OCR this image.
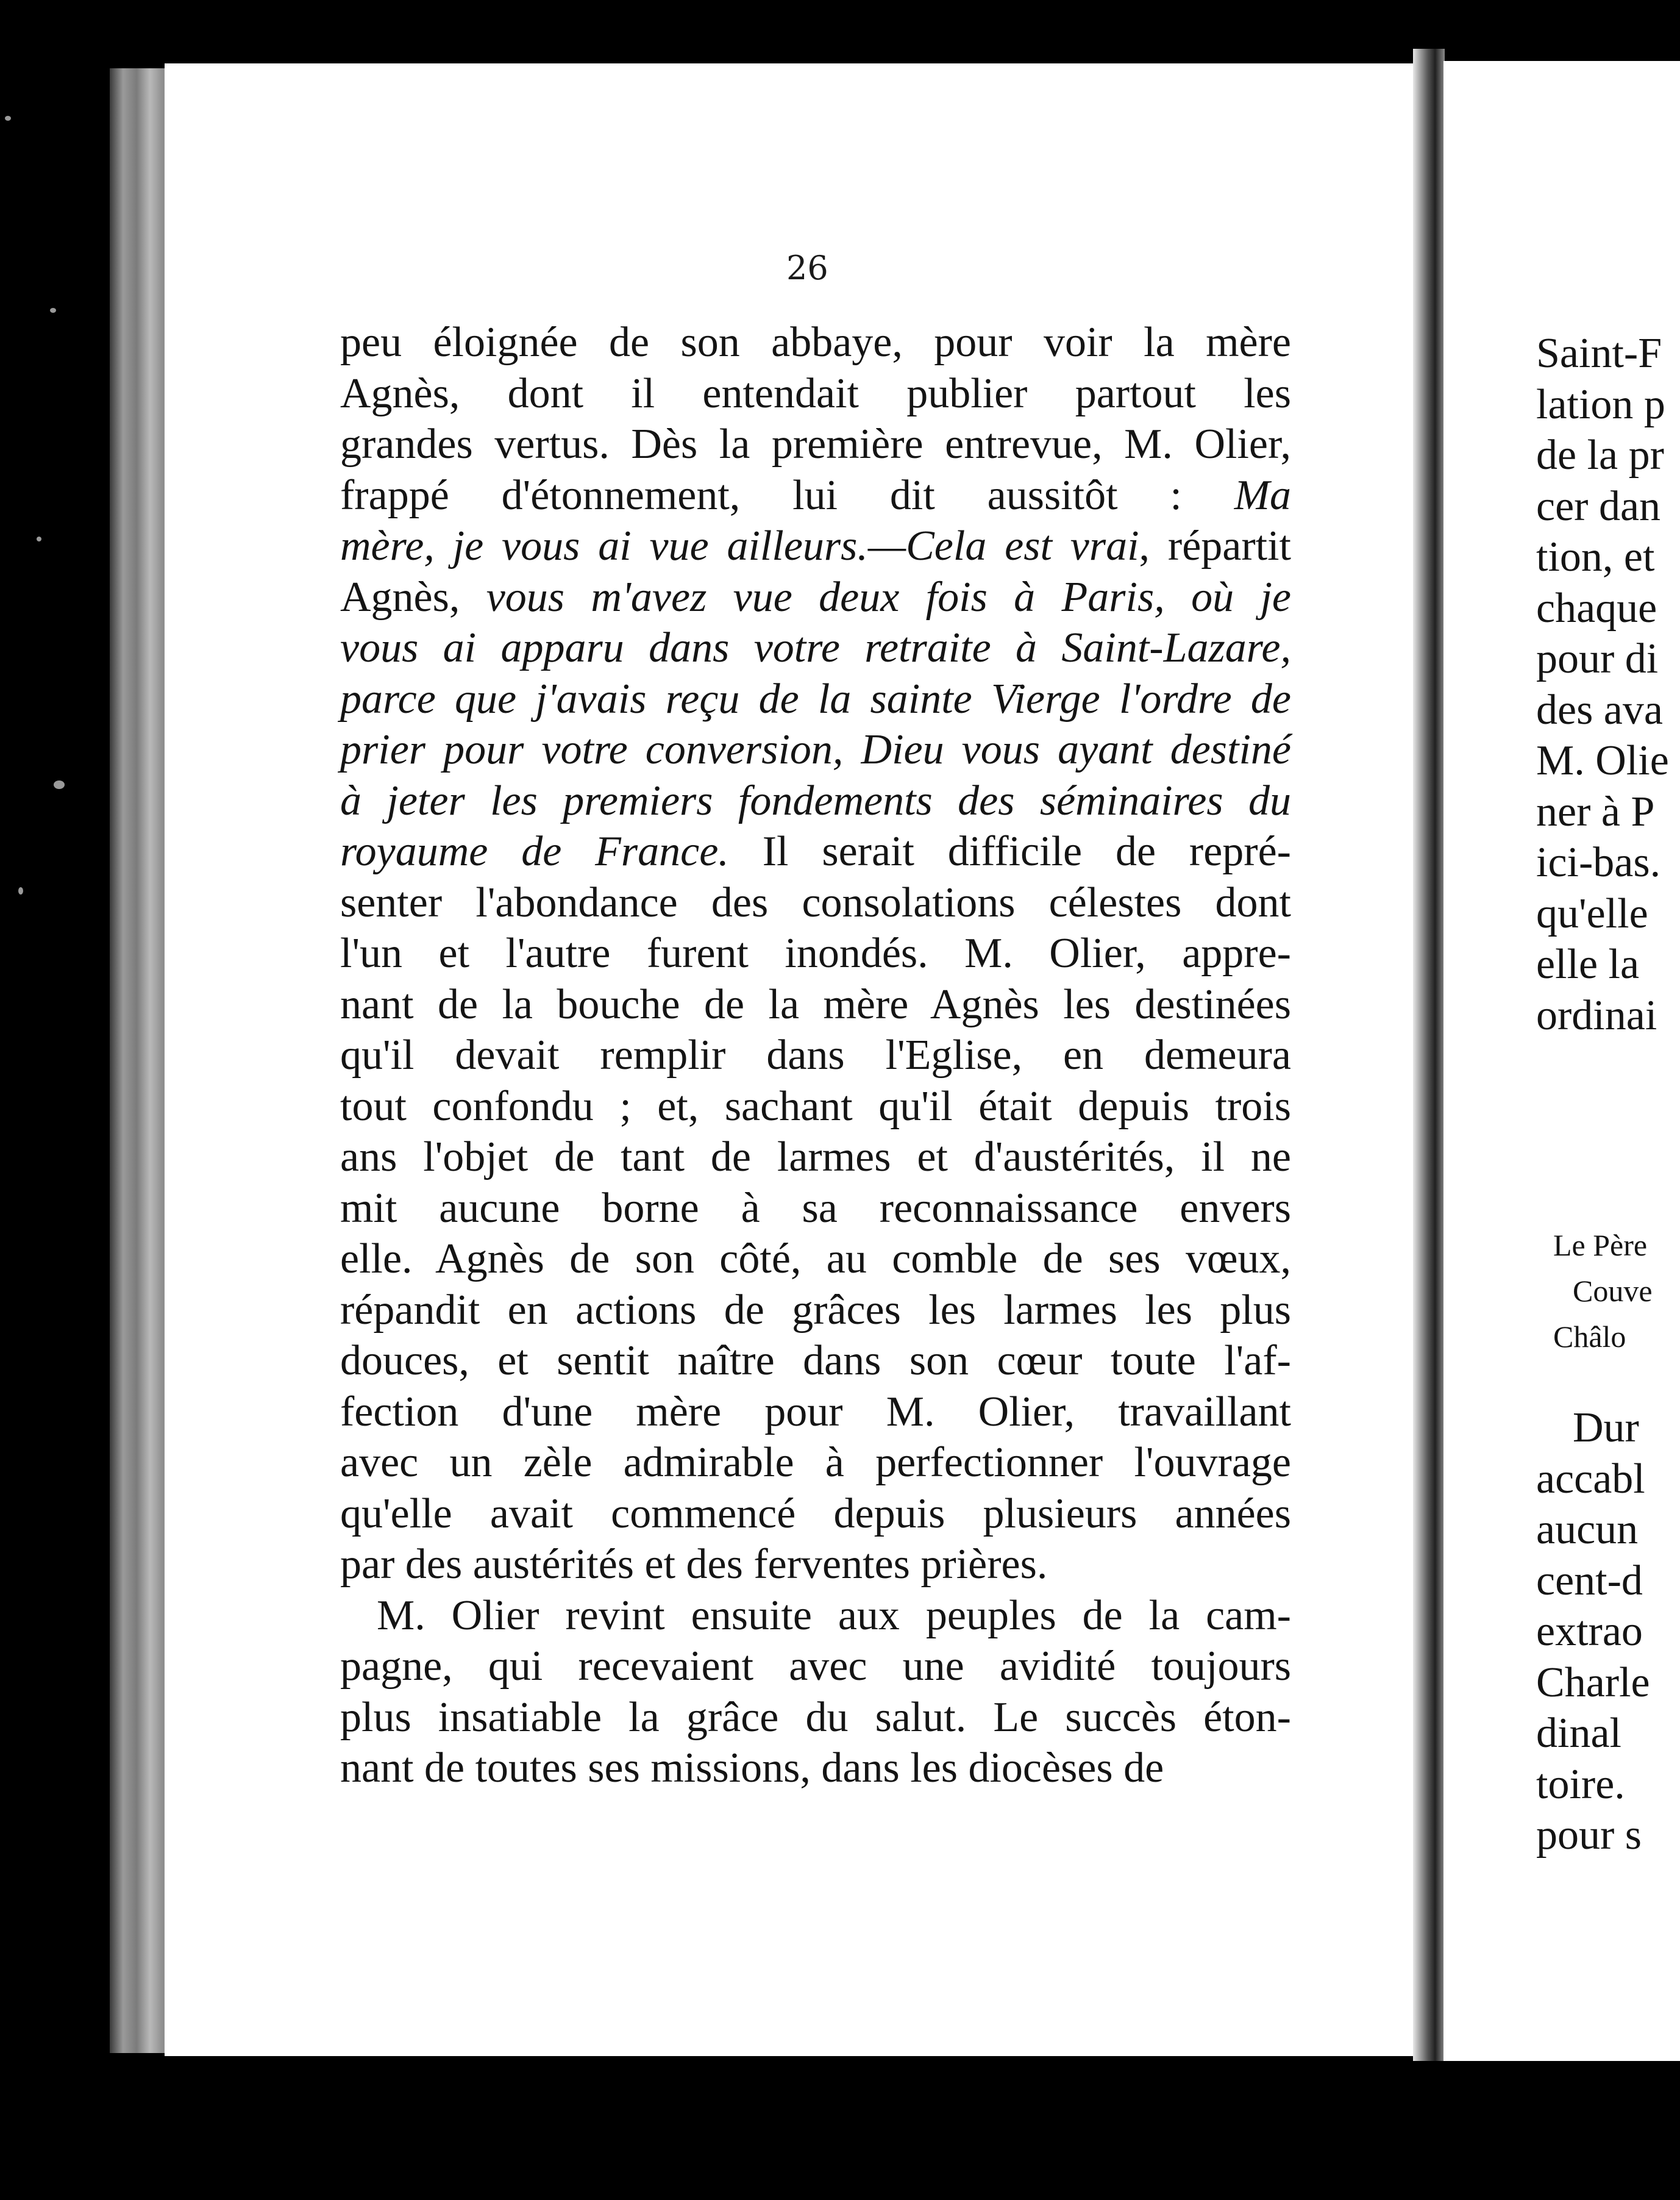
26
peu éloignée de son abbaye, pour voir la mère
Agnès, dont il entendait publier partout les
grandes vertus. Dès la première entrevue, M. Olier,
frappé d'étonnement, lui dit aussitôt : Ma
mère, je vous ai vue ailleurs.—Cela est vrai, répartit
Agnès, vous m'avez vue deux fois à Paris, où je
vous ai apparu dans votre retraite à Saint-Lazare,
parce que j'avais reçu de la sainte Vierge l'ordre de
prier pour votre conversion, Dieu vous ayant destiné
à jeter les premiers fondements des séminaires du
royaume de France. Il serait difficile de repré-
senter l'abondance des consolations célestes dont
l'un et l'autre furent inondés. M. Olier, appre-
nant de la bouche de la mère Agnès les destinées
qu'il devait remplir dans l'Eglise, en demeura
tout confondu ; et, sachant qu'il était depuis trois
ans l'objet de tant de larmes et d'austérités, il ne
mit aucune borne à sa reconnaissance envers
elle. Agnès de son côté, au comble de ses vœux,
répandit en actions de grâces les larmes les plus
douces, et sentit naître dans son cœur toute l'af-
fection d'une mère pour M. Olier, travaillant
avec un zèle admirable à perfectionner l'ouvrage
qu'elle avait commencé depuis plusieurs années
par des austérités et des ferventes prières.
M. Olier revint ensuite aux peuples de la cam-
pagne, qui recevaient avec une avidité toujours
plus insatiable la grâce du salut. Le succès éton-
nant de toutes ses missions, dans les diocèses de
Saint-F
lation p
de la pr
cer dan
tion, et
chaque
pour di
des ava
M. Olie
ner à P
ici-bas.
qu'elle
elle la
ordinai
Le Père
Couve
Châlo
Dur
accabl
aucun
cent-d
extrao
Charle
dinal
toire.
pour s
